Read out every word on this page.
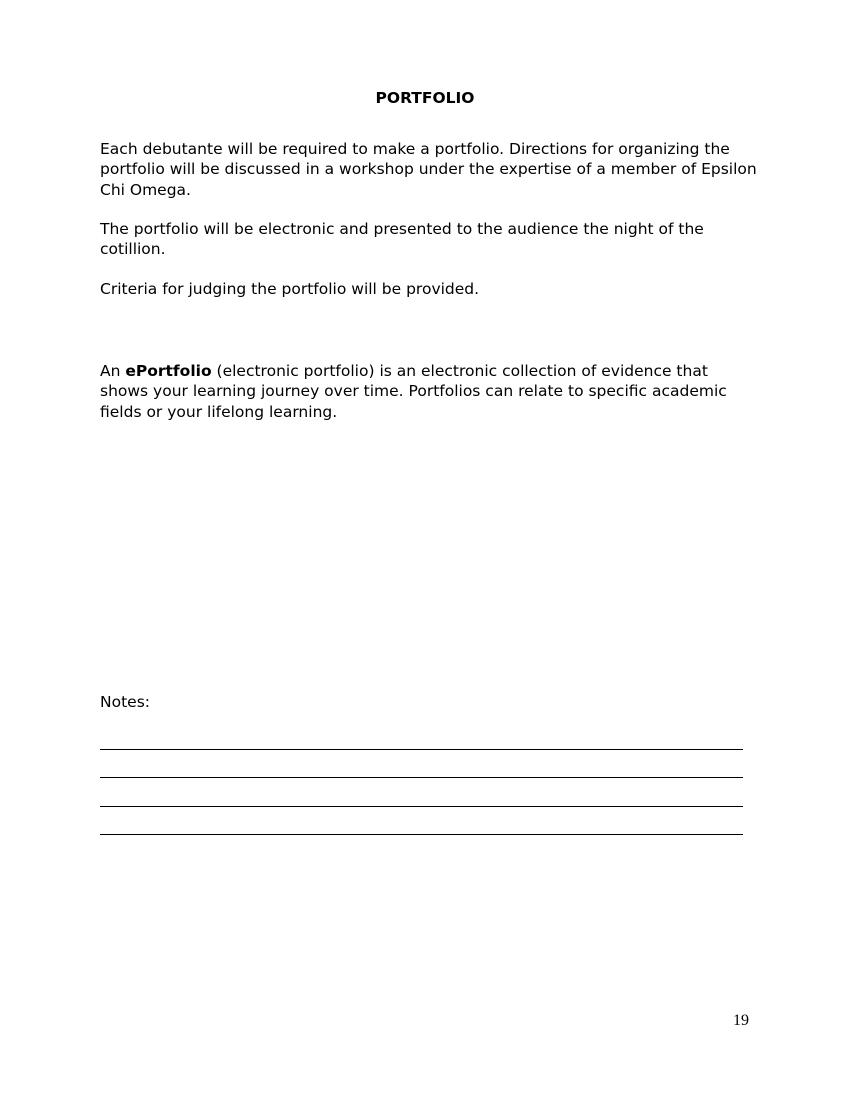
PORTFOLIO

Each debutante will be required to make a portfolio. Directions for organizing the portfolio will be discussed in a workshop under the expertise of a member of Epsilon Chi Omega.

The portfolio will be electronic and presented to the audience the night of the cotillion.

Criteria for judging the portfolio will be provided.

An ePortfolio (electronic portfolio) is an electronic collection of evidence that shows your learning journey over time. Portfolios can relate to specific academic fields or your lifelong learning.

Notes:

19
